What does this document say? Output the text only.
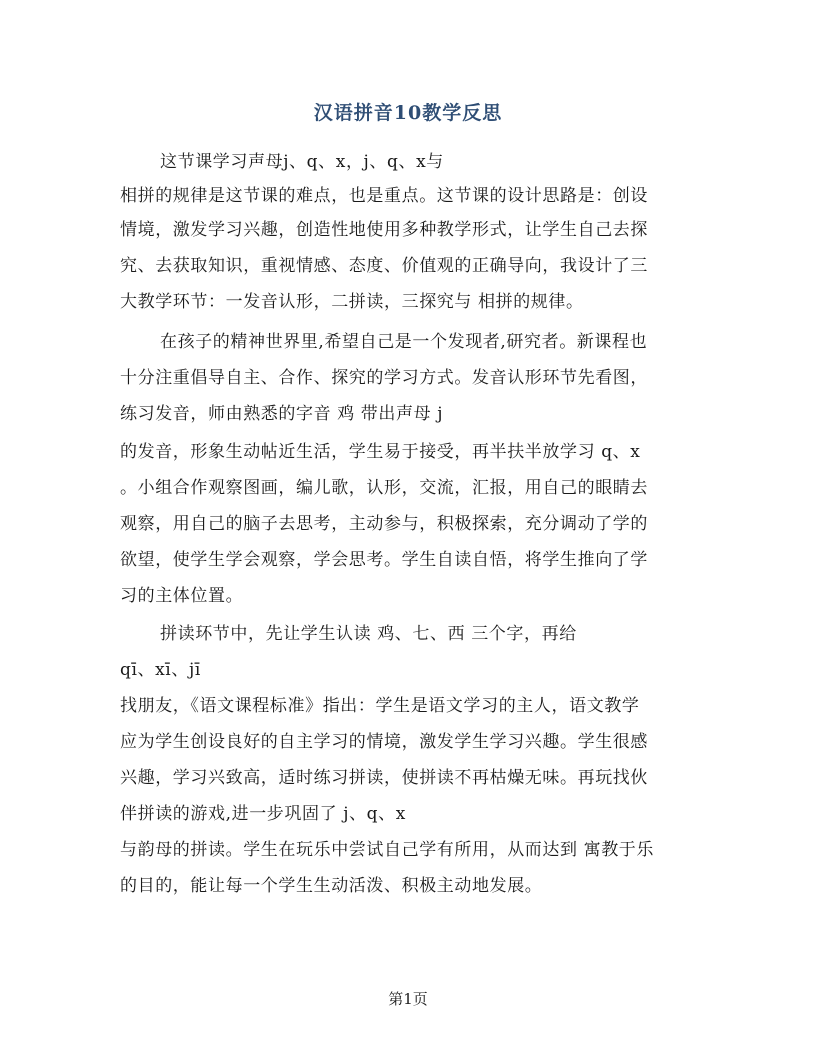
汉语拼音10教学反思
这节课学习声母j、q、x，j、q、x与
相拼的规律是这节课的难点，也是重点。这节课的设计思路是：创设
情境，激发学习兴趣，创造性地使用多种教学形式，让学生自己去探
究、去获取知识，重视情感、态度、价值观的正确导向，我设计了三
大教学环节：一发音认形，二拼读，三探究与 相拼的规律。
在孩子的精神世界里,希望自己是一个发现者,研究者。新课程也
十分注重倡导自主、合作、探究的学习方式。发音认形环节先看图，
练习发音，师由熟悉的字音 鸡 带出声母 j
的发音，形象生动帖近生活，学生易于接受，再半扶半放学习 q、x
。小组合作观察图画，编儿歌，认形，交流，汇报，用自己的眼睛去
观察，用自己的脑子去思考，主动参与，积极探索，充分调动了学的
欲望，使学生学会观察，学会思考。学生自读自悟，将学生推向了学
习的主体位置。
拼读环节中，先让学生认读 鸡、七、西 三个字，再给
qī、xī、jī
找朋友，《语文课程标准》指出：学生是语文学习的主人，语文教学
应为学生创设良好的自主学习的情境，激发学生学习兴趣。学生很感
兴趣，学习兴致高，适时练习拼读，使拼读不再枯燥无味。再玩找伙
伴拼读的游戏,进一步巩固了 j、q、x
与韵母的拼读。学生在玩乐中尝试自己学有所用，从而达到 寓教于乐
的目的，能让每一个学生生动活泼、积极主动地发展。
第1页
